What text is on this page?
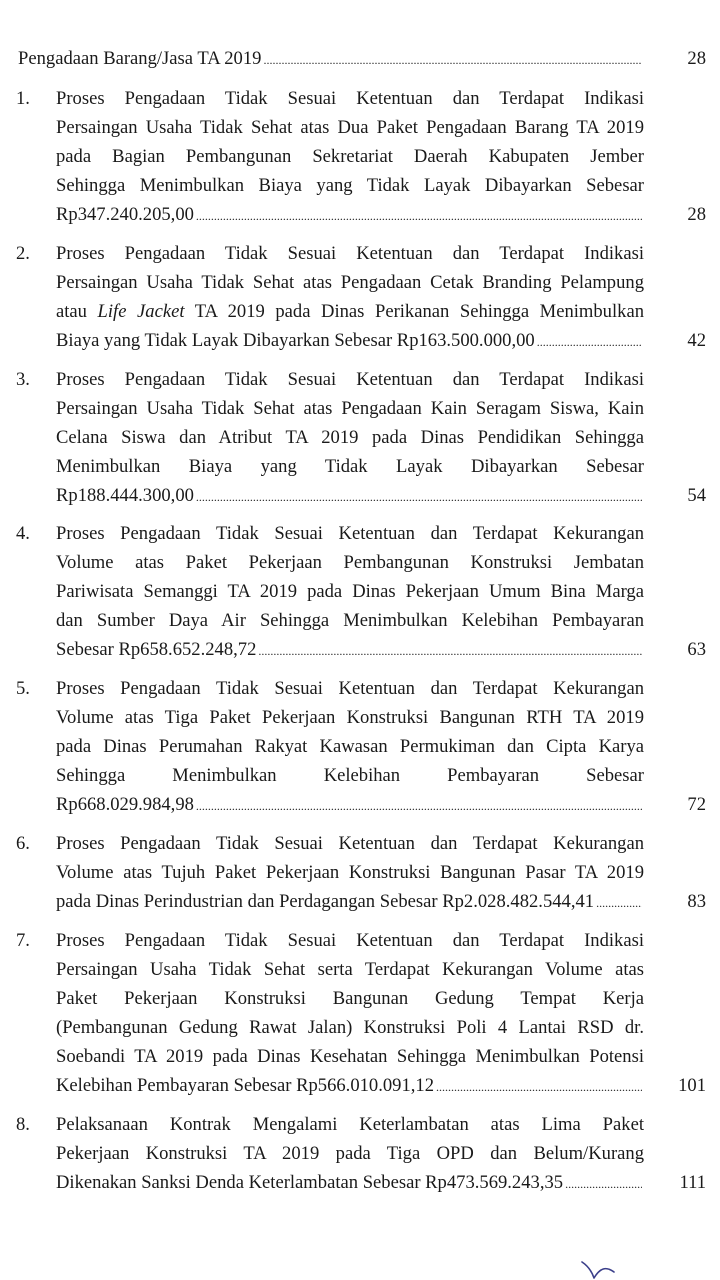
Pengadaan Barang/Jasa TA 2019 .....	28
1.	Proses Pengadaan Tidak Sesuai Ketentuan dan Terdapat Indikasi
Persaingan Usaha Tidak Sehat atas Dua Paket Pengadaan Barang TA 2019
pada Bagian Pembangunan Sekretariat Daerah Kabupaten Jember
Sehingga Menimbulkan Biaya yang Tidak Layak Dibayarkan Sebesar
Rp347.240.205,00 .....	28
2.	Proses Pengadaan Tidak Sesuai Ketentuan dan Terdapat Indikasi
Persaingan Usaha Tidak Sehat atas Pengadaan Cetak Branding Pelampung
atau Life Jacket TA 2019 pada Dinas Perikanan Sehingga Menimbulkan
Biaya yang Tidak Layak Dibayarkan Sebesar Rp163.500.000,00 .....	42
3.	Proses Pengadaan Tidak Sesuai Ketentuan dan Terdapat Indikasi
Persaingan Usaha Tidak Sehat atas Pengadaan Kain Seragam Siswa, Kain
Celana Siswa dan Atribut TA 2019 pada Dinas Pendidikan Sehingga
Menimbulkan Biaya yang Tidak Layak Dibayarkan Sebesar
Rp188.444.300,00 .....	54
4.	Proses Pengadaan Tidak Sesuai Ketentuan dan Terdapat Kekurangan
Volume atas Paket Pekerjaan Pembangunan Konstruksi Jembatan
Pariwisata Semanggi TA 2019 pada Dinas Pekerjaan Umum Bina Marga
dan Sumber Daya Air Sehingga Menimbulkan Kelebihan Pembayaran
Sebesar Rp658.652.248,72 .....	63
5.	Proses Pengadaan Tidak Sesuai Ketentuan dan Terdapat Kekurangan
Volume atas Tiga Paket Pekerjaan Konstruksi Bangunan RTH TA 2019
pada Dinas Perumahan Rakyat Kawasan Permukiman dan Cipta Karya
Sehingga Menimbulkan Kelebihan Pembayaran Sebesar
Rp668.029.984,98 .....	72
6.	Proses Pengadaan Tidak Sesuai Ketentuan dan Terdapat Kekurangan
Volume atas Tujuh Paket Pekerjaan Konstruksi Bangunan Pasar TA 2019
pada Dinas Perindustrian dan Perdagangan Sebesar Rp2.028.482.544,41 .....	83
7.	Proses Pengadaan Tidak Sesuai Ketentuan dan Terdapat Indikasi
Persaingan Usaha Tidak Sehat serta Terdapat Kekurangan Volume atas
Paket Pekerjaan Konstruksi Bangunan Gedung Tempat Kerja
(Pembangunan Gedung Rawat Jalan) Konstruksi Poli 4 Lantai RSD dr.
Soebandi TA 2019 pada Dinas Kesehatan Sehingga Menimbulkan Potensi
Kelebihan Pembayaran Sebesar Rp566.010.091,12 .....	101
8.	Pelaksanaan Kontrak Mengalami Keterlambatan atas Lima Paket
Pekerjaan Konstruksi TA 2019 pada Tiga OPD dan Belum/Kurang
Dikenakan Sanksi Denda Keterlambatan Sebesar Rp473.569.243,35 .....	111
